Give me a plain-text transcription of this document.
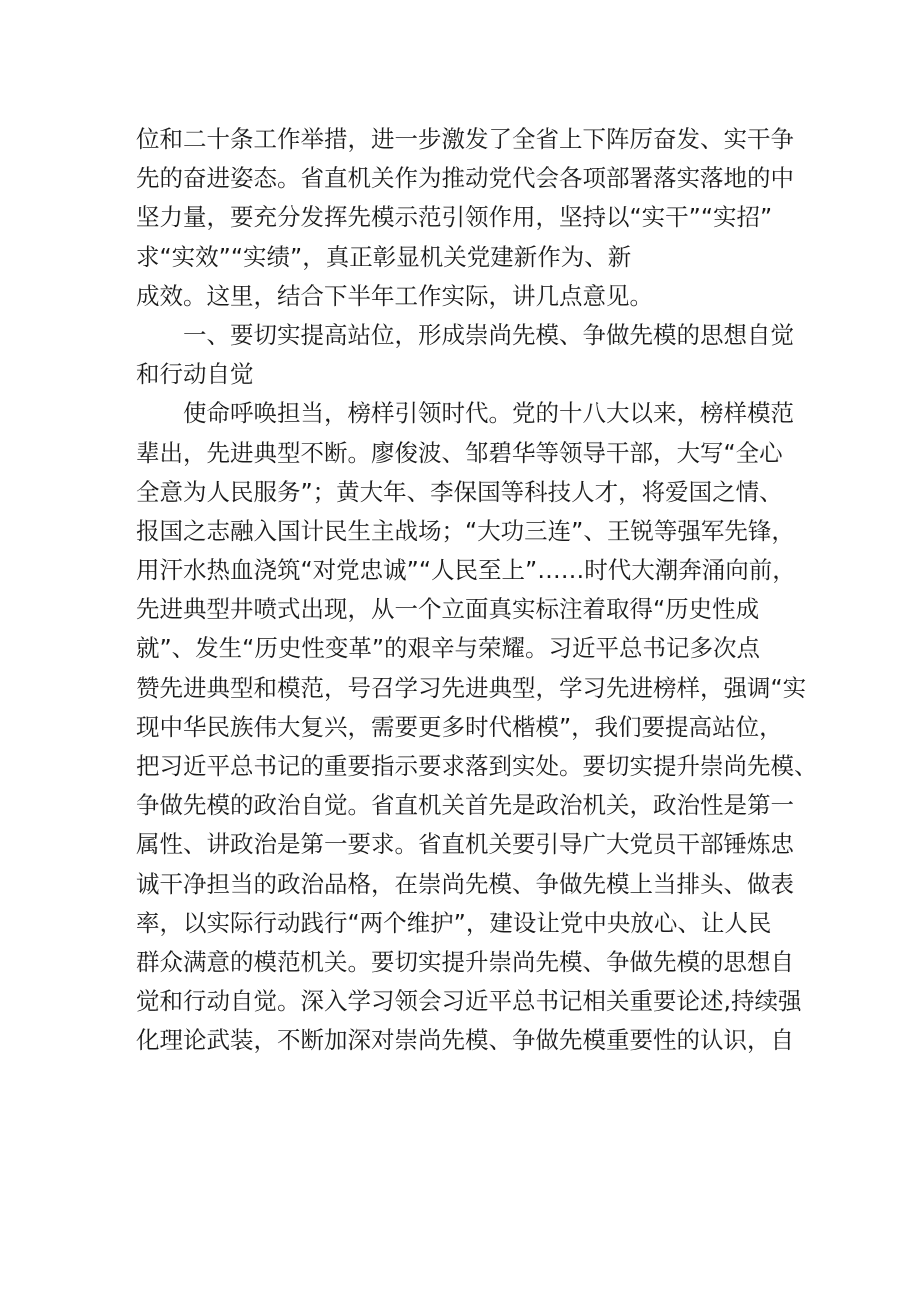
位和二十条工作举措，进一步激发了全省上下阵厉奋发、实干争
先的奋进姿态。省直机关作为推动党代会各项部署落实落地的中
坚力量，要充分发挥先模示范引领作用，坚持以“实干”“实招”
求“实效”“实绩”，真正彰显机关党建新作为、新
成效。这里，结合下半年工作实际，讲几点意见。
一、要切实提高站位，形成崇尚先模、争做先模的思想自觉
和行动自觉
使命呼唤担当，榜样引领时代。党的十八大以来，榜样模范
辈出，先进典型不断。廖俊波、邹碧华等领导干部，大写“全心
全意为人民服务”；黄大年、李保国等科技人才，将爱国之情、
报国之志融入国计民生主战场；“大功三连”、王锐等强军先锋，
用汗水热血浇筑“对党忠诚”“人民至上”……时代大潮奔涌向前，
先进典型井喷式出现，从一个立面真实标注着取得“历史性成
就”、发生“历史性变革”的艰辛与荣耀。习近平总书记多次点
赞先进典型和模范，号召学习先进典型，学习先进榜样，强调“实
现中华民族伟大复兴，需要更多时代楷模”，我们要提高站位，
把习近平总书记的重要指示要求落到实处。要切实提升崇尚先模、
争做先模的政治自觉。省直机关首先是政治机关，政治性是第一
属性、讲政治是第一要求。省直机关要引导广大党员干部锤炼忠
诚干净担当的政治品格，在崇尚先模、争做先模上当排头、做表
率，以实际行动践行“两个维护”，建设让党中央放心、让人民
群众满意的模范机关。要切实提升崇尚先模、争做先模的思想自
觉和行动自觉。深入学习领会习近平总书记相关重要论述,持续强
化理论武装，不断加深对崇尚先模、争做先模重要性的认识，自
